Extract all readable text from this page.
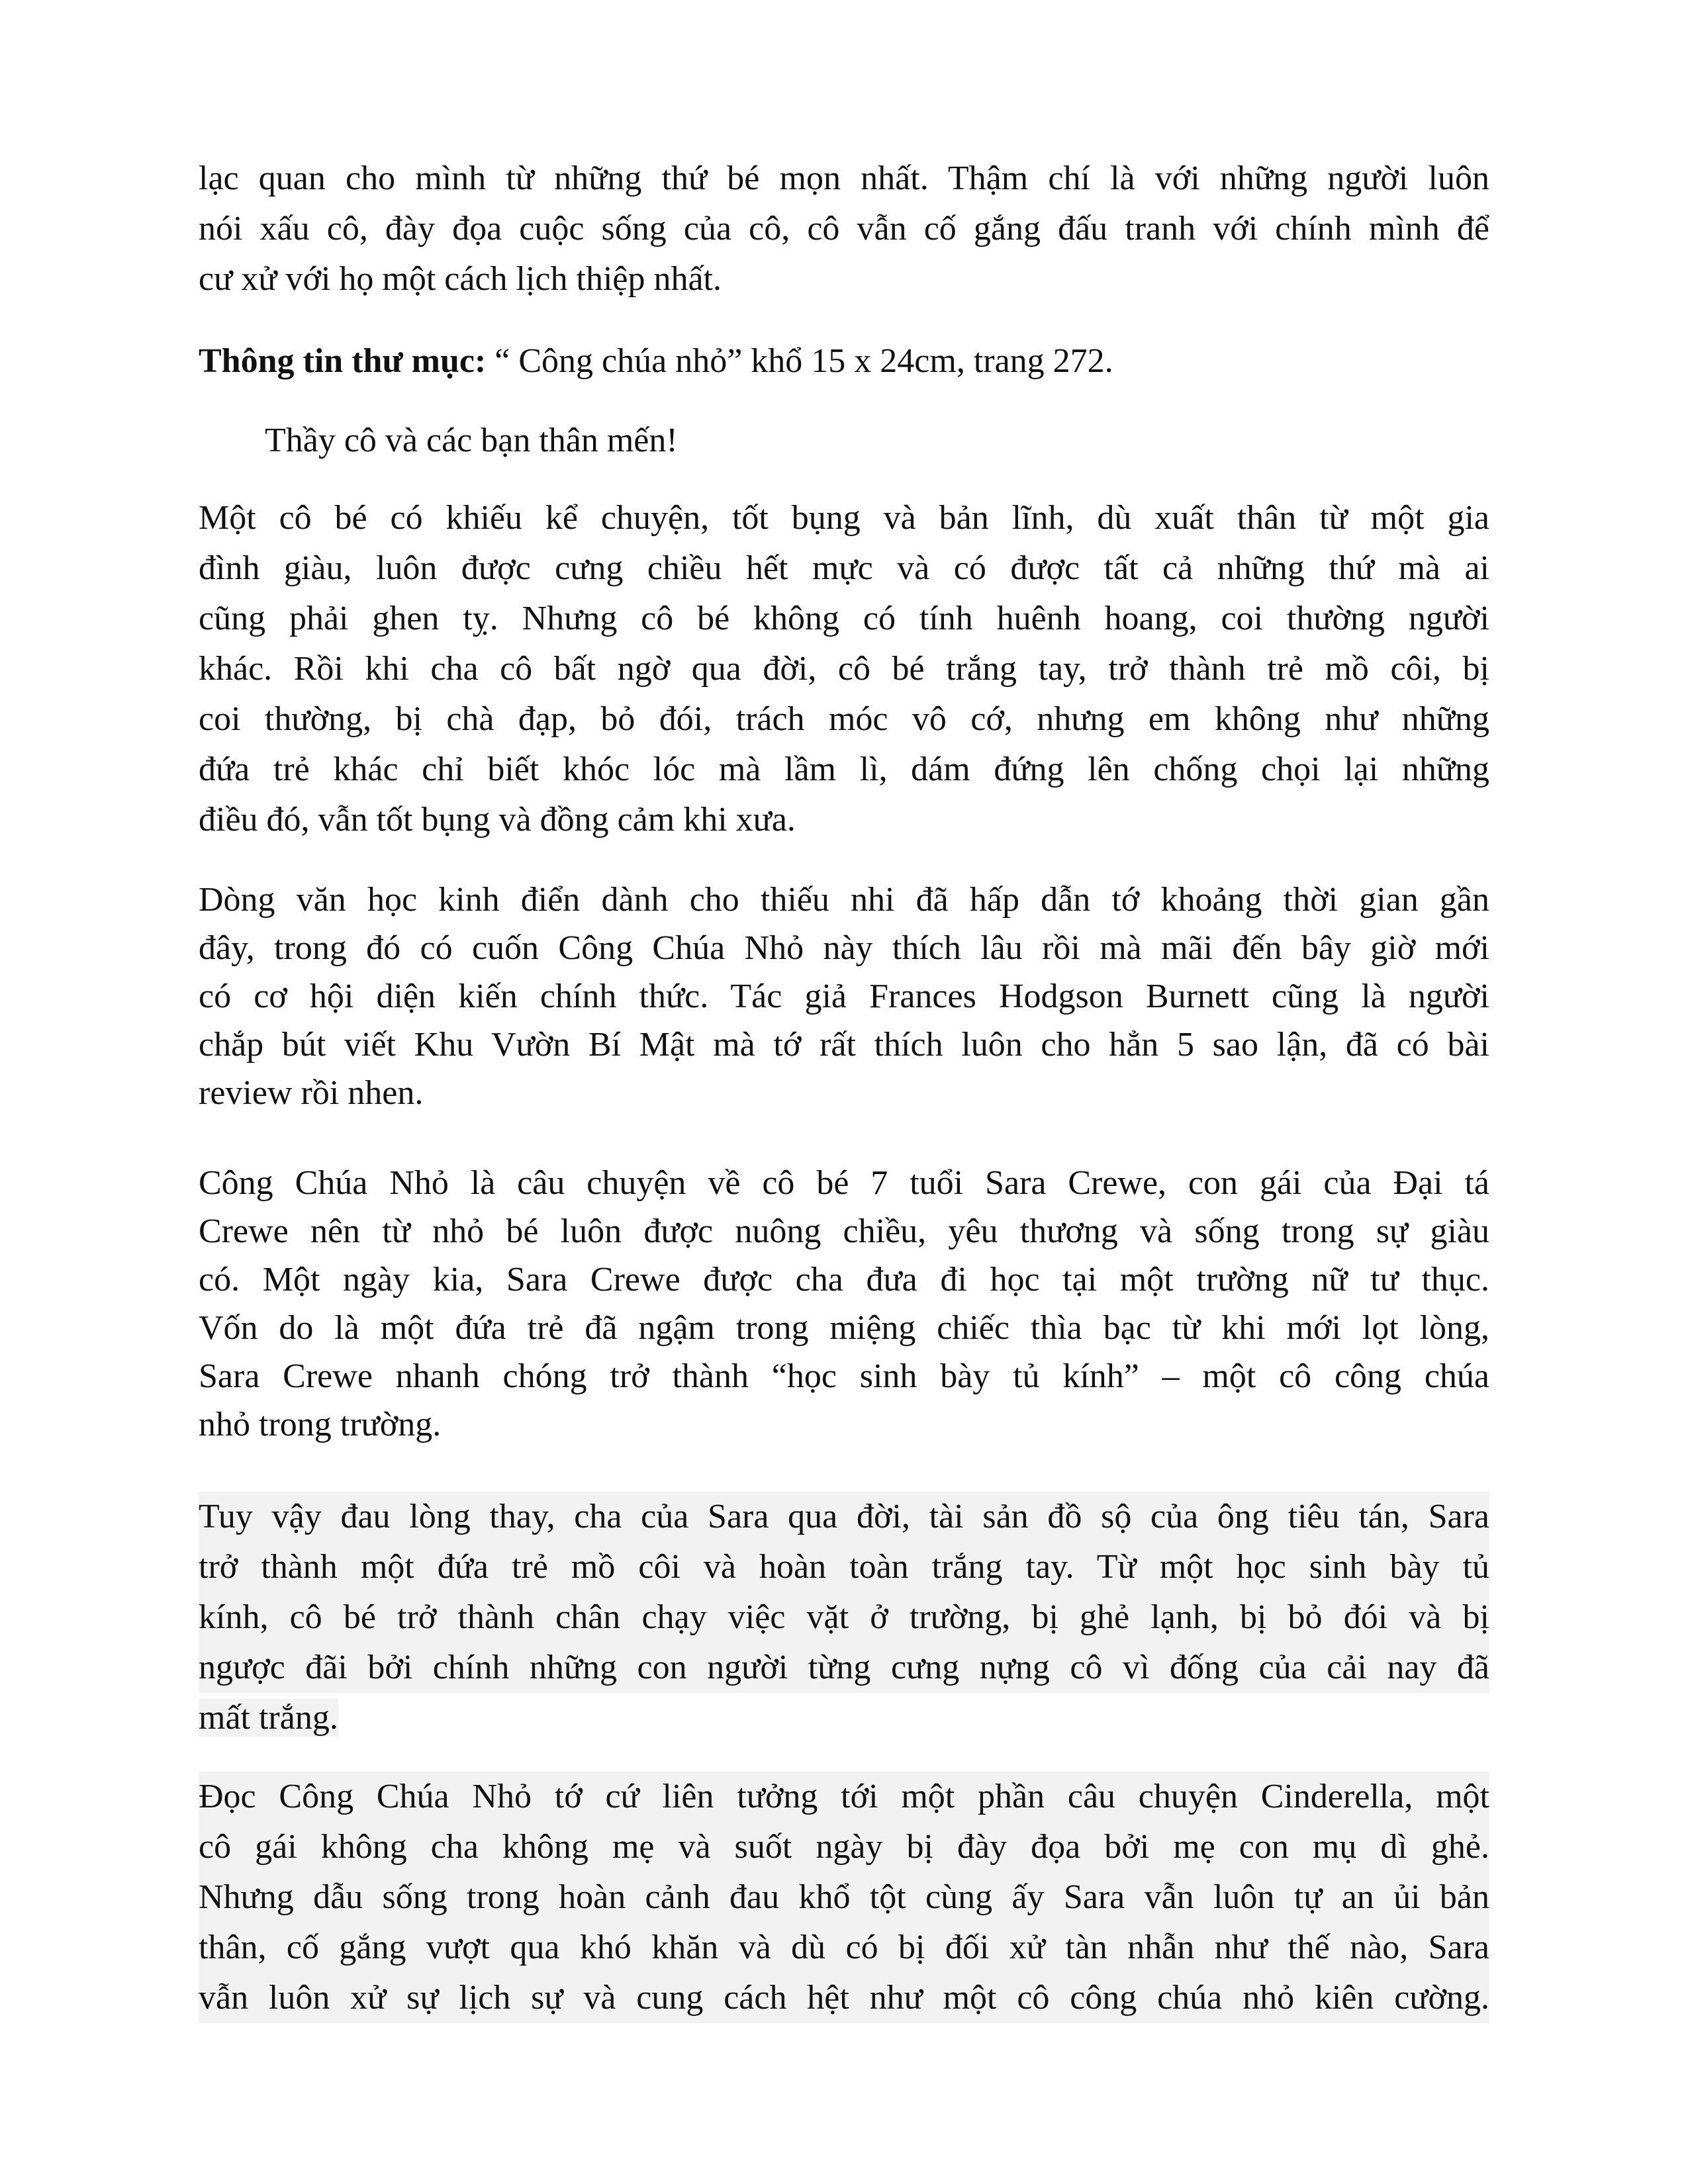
lạc quan cho mình từ những thứ bé mọn nhất. Thậm chí là với những người luôn
nói xấu cô, đày đọa cuộc sống của cô, cô vẫn cố gắng đấu tranh với chính mình để
cư xử với họ một cách lịch thiệp nhất.
Thông tin thư mục: “ Công chúa nhỏ” khổ 15 x 24cm, trang 272.
Thầy cô và các bạn thân mến!
Một cô bé có khiếu kể chuyện, tốt bụng và bản lĩnh, dù xuất thân từ một gia
đình giàu, luôn được cưng chiều hết mực và có được tất cả những thứ mà ai
cũng phải ghen tỵ. Nhưng cô bé không có tính huênh hoang, coi thường người
khác. Rồi khi cha cô bất ngờ qua đời, cô bé trắng tay, trở thành trẻ mồ côi, bị
coi thường, bị chà đạp, bỏ đói, trách móc vô cớ, nhưng em không như những
đứa trẻ khác chỉ biết khóc lóc mà lầm lì, dám đứng lên chống chọi lại những
điều đó, vẫn tốt bụng và đồng cảm khi xưa.
Dòng văn học kinh điển dành cho thiếu nhi đã hấp dẫn tớ khoảng thời gian gần
đây, trong đó có cuốn Công Chúa Nhỏ này thích lâu rồi mà mãi đến bây giờ mới
có cơ hội diện kiến chính thức. Tác giả Frances Hodgson Burnett cũng là người
chắp bút viết Khu Vườn Bí Mật mà tớ rất thích luôn cho hẳn 5 sao lận, đã có bài
review rồi nhen.
Công Chúa Nhỏ là câu chuyện về cô bé 7 tuổi Sara Crewe, con gái của Đại tá
Crewe nên từ nhỏ bé luôn được nuông chiều, yêu thương và sống trong sự giàu
có. Một ngày kia, Sara Crewe được cha đưa đi học tại một trường nữ tư thục.
Vốn do là một đứa trẻ đã ngậm trong miệng chiếc thìa bạc từ khi mới lọt lòng,
Sara Crewe nhanh chóng trở thành “học sinh bày tủ kính” – một cô công chúa
nhỏ trong trường.
Tuy vậy đau lòng thay, cha của Sara qua đời, tài sản đồ sộ của ông tiêu tán, Sara
trở thành một đứa trẻ mồ côi và hoàn toàn trắng tay. Từ một học sinh bày tủ
kính, cô bé trở thành chân chạy việc vặt ở trường, bị ghẻ lạnh, bị bỏ đói và bị
ngược đãi bởi chính những con người từng cưng nựng cô vì đống của cải nay đã
mất trắng.
Đọc Công Chúa Nhỏ tớ cứ liên tưởng tới một phần câu chuyện Cinderella, một
cô gái không cha không mẹ và suốt ngày bị đày đọa bởi mẹ con mụ dì ghẻ.
Nhưng dẫu sống trong hoàn cảnh đau khổ tột cùng ấy Sara vẫn luôn tự an ủi bản
thân, cố gắng vượt qua khó khăn và dù có bị đối xử tàn nhẫn như thế nào, Sara
vẫn luôn xử sự lịch sự và cung cách hệt như một cô công chúa nhỏ kiên cường.
